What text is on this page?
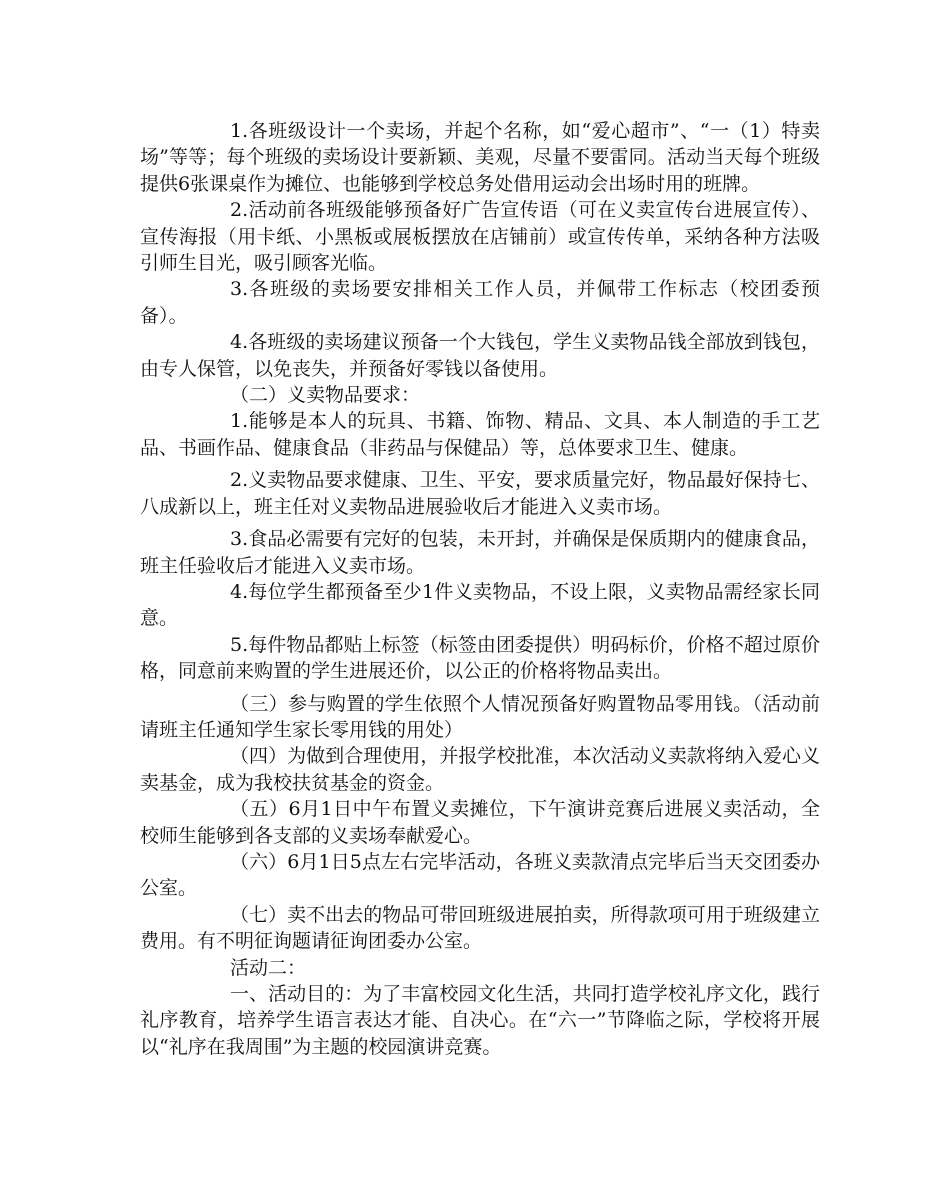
1.各班级设计一个卖场，并起个名称，如“爱心超市”、“一（1）特卖场”等等；每个班级的卖场设计要新颖、美观，尽量不要雷同。活动当天每个班级提供6张课桌作为摊位、也能够到学校总务处借用运动会出场时用的班牌。

2.活动前各班级能够预备好广告宣传语（可在义卖宣传台进展宣传）、宣传海报（用卡纸、小黑板或展板摆放在店铺前）或宣传传单，采纳各种方法吸引师生目光，吸引顾客光临。

3.各班级的卖场要安排相关工作人员，并佩带工作标志（校团委预备）。

4.各班级的卖场建议预备一个大钱包，学生义卖物品钱全部放到钱包，由专人保管，以免丧失，并预备好零钱以备使用。

（二）义卖物品要求：

1.能够是本人的玩具、书籍、饰物、精品、文具、本人制造的手工艺品、书画作品、健康食品（非药品与保健品）等，总体要求卫生、健康。

2.义卖物品要求健康、卫生、平安，要求质量完好，物品最好保持七、八成新以上，班主任对义卖物品进展验收后才能进入义卖市场。

3.食品必需要有完好的包装，未开封，并确保是保质期内的健康食品，班主任验收后才能进入义卖市场。

4.每位学生都预备至少1件义卖物品，不设上限，义卖物品需经家长同意。

5.每件物品都贴上标签（标签由团委提供）明码标价，价格不超过原价格，同意前来购置的学生进展还价，以公正的价格将物品卖出。

（三）参与购置的学生依照个人情况预备好购置物品零用钱。（活动前请班主任通知学生家长零用钱的用处）

（四）为做到合理使用，并报学校批准，本次活动义卖款将纳入爱心义卖基金，成为我校扶贫基金的资金。

（五）6月1日中午布置义卖摊位，下午演讲竞赛后进展义卖活动，全校师生能够到各支部的义卖场奉献爱心。

（六）6月1日5点左右完毕活动，各班义卖款清点完毕后当天交团委办公室。

（七）卖不出去的物品可带回班级进展拍卖，所得款项可用于班级建立费用。有不明征询题请征询团委办公室。

活动二：

一、活动目的：为了丰富校园文化生活，共同打造学校礼序文化，践行礼序教育，培养学生语言表达才能、自决心。在“六一”节降临之际，学校将开展以“礼序在我周围”为主题的校园演讲竞赛。
